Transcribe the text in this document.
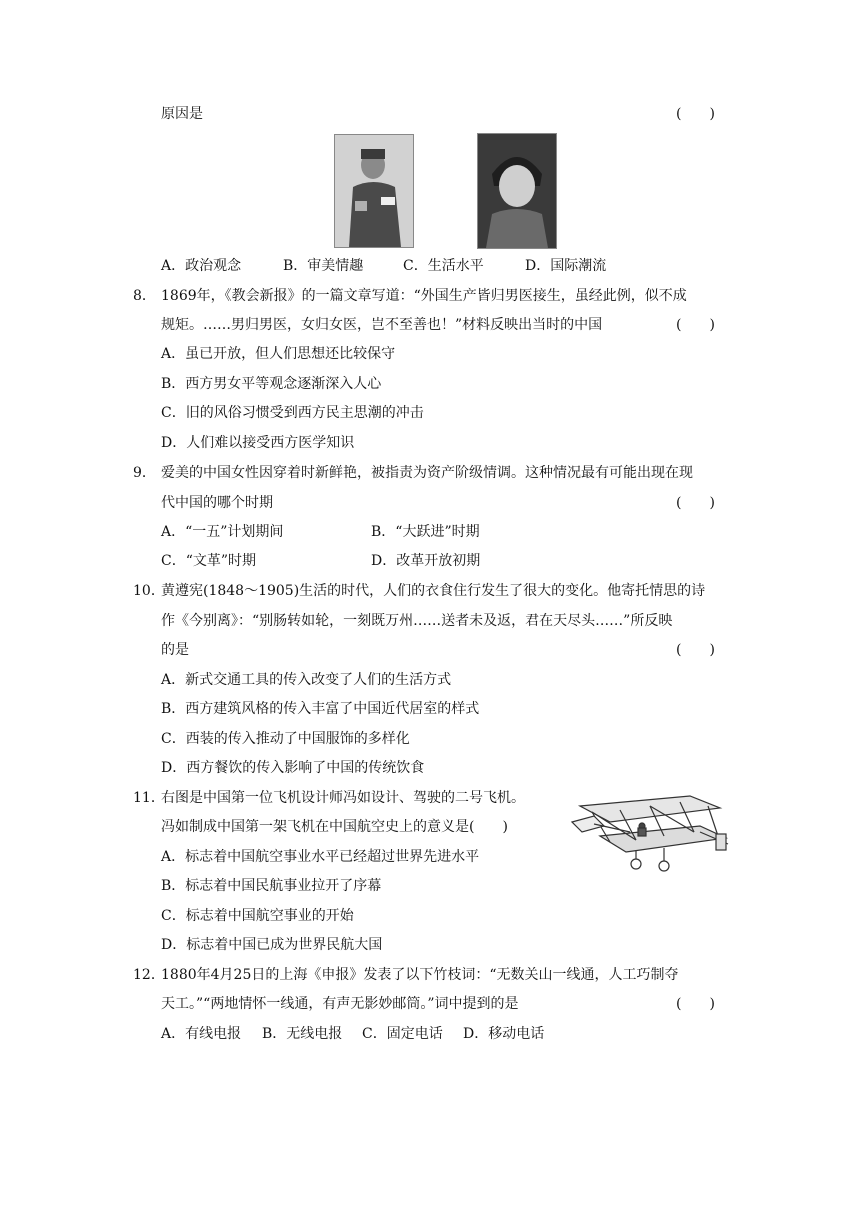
原因是	(　　)
A．政治观念	B．审美情趣	C．生活水平	D．国际潮流
8． 1869年，《教会新报》的一篇文章写道：“外国生产皆归男医接生，虽经此例，似不成
规矩。……男归男医，女归女医，岂不至善也！”材料反映出当时的中国	(　　)
A．虽已开放，但人们思想还比较保守
B．西方男女平等观念逐渐深入人心
C．旧的风俗习惯受到西方民主思潮的冲击
D．人们难以接受西方医学知识
9． 爱美的中国女性因穿着时新鲜艳，被指责为资产阶级情调。这种情况最有可能出现在现
代中国的哪个时期	(　　)
A．“一五”计划期间	B．“大跃进”时期
C．“文革”时期	D．改革开放初期
10．
黄遵宪(1848～1905)生活的时代，人们的衣食住行发生了很大的变化。他寄托情思的诗
作《今别离》：“别肠转如轮，一刻既万州……送者未及返，君在天尽头……”所反映
的是	(　　)
A．新式交通工具的传入改变了人们的生活方式
B．西方建筑风格的传入丰富了中国近代居室的样式
C．西装的传入推动了中国服饰的多样化
D．西方餐饮的传入影响了中国的传统饮食
11．
右图是中国第一位飞机设计师冯如设计、驾驶的二号飞机。
冯如制成中国第一架飞机在中国航空史上的意义是(　　)
A．标志着中国航空事业水平已经超过世界先进水平
B．标志着中国民航事业拉开了序幕
C．标志着中国航空事业的开始
D．标志着中国已成为世界民航大国
12．
1880年4月25日的上海《申报》发表了以下竹枝词：“无数关山一线通，人工巧制夺
天工。”“两地情怀一线通，有声无影妙邮筒。”词中提到的是	(　　)
A．有线电报 B．无线电报 C．固定电话 D．移动电话
